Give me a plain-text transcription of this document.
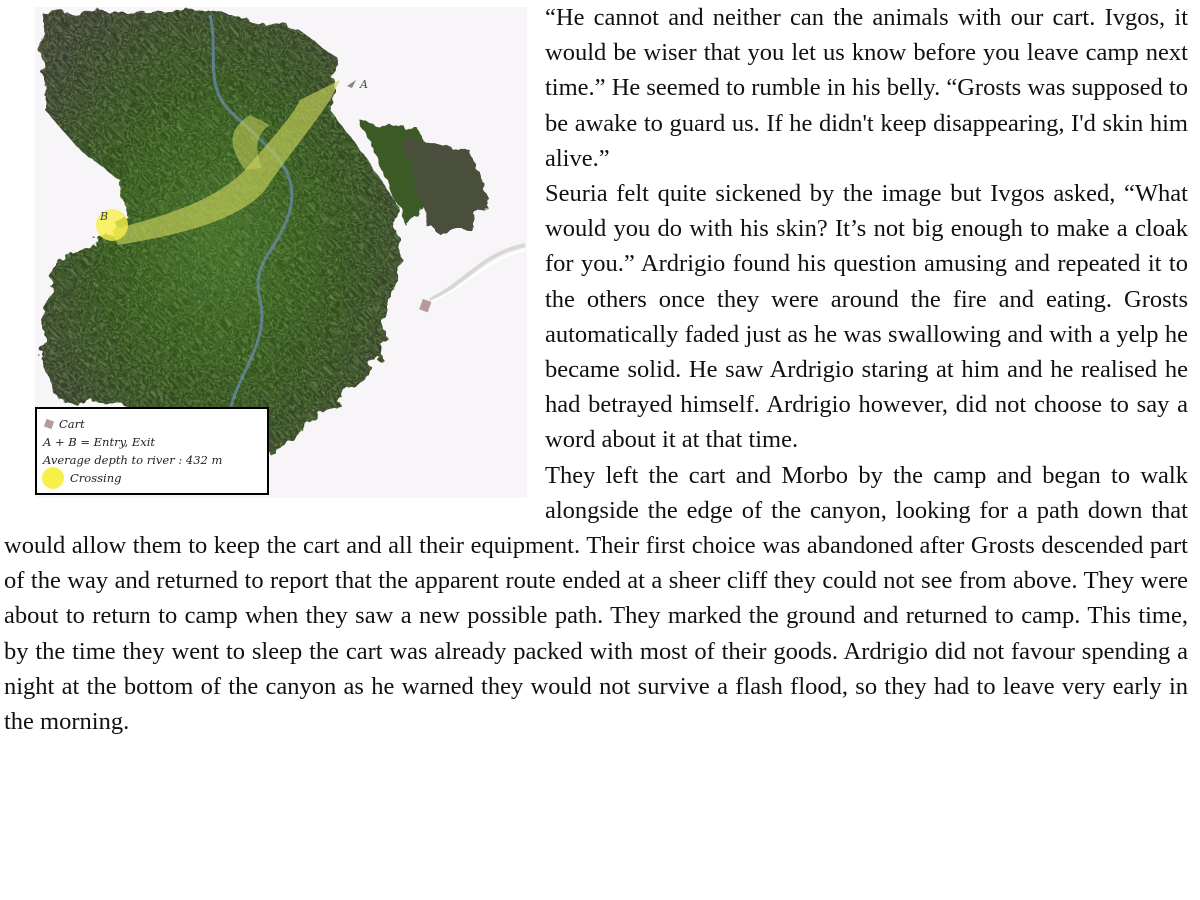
A
B
Cart
A + B = Entry, Exit
Average depth to river : 432 m
Crossing

“He cannot and neither can the animals with our cart. Ivgos, it would be wiser that you let us know before you leave camp next time.” He seemed to rumble in his belly. “Grosts was supposed to be awake to guard us. If he didn't keep disappearing, I'd skin him alive.”

Seuria felt quite sickened by the image but Ivgos asked, “What would you do with his skin? It’s not big enough to make a cloak for you.” Ardrigio found his question amusing and repeated it to the others once they were around the fire and eating. Grosts automatically faded just as he was swallowing and with a yelp he became solid. He saw Ardrigio staring at him and he realised he had betrayed himself. Ardrigio however, did not choose to say a word about it at that time.

They left the cart and Morbo by the camp and began to walk alongside the edge of the canyon, looking for a path down that would allow them to keep the cart and all their equipment. Their first choice was abandoned after Grosts descended part of the way and returned to report that the apparent route ended at a sheer cliff they could not see from above. They were about to return to camp when they saw a new possible path. They marked the ground and returned to camp. This time, by the time they went to sleep the cart was already packed with most of their goods. Ardrigio did not favour spending a night at the bottom of the canyon as he warned they would not survive a flash flood, so they had to leave very early in the morning.
